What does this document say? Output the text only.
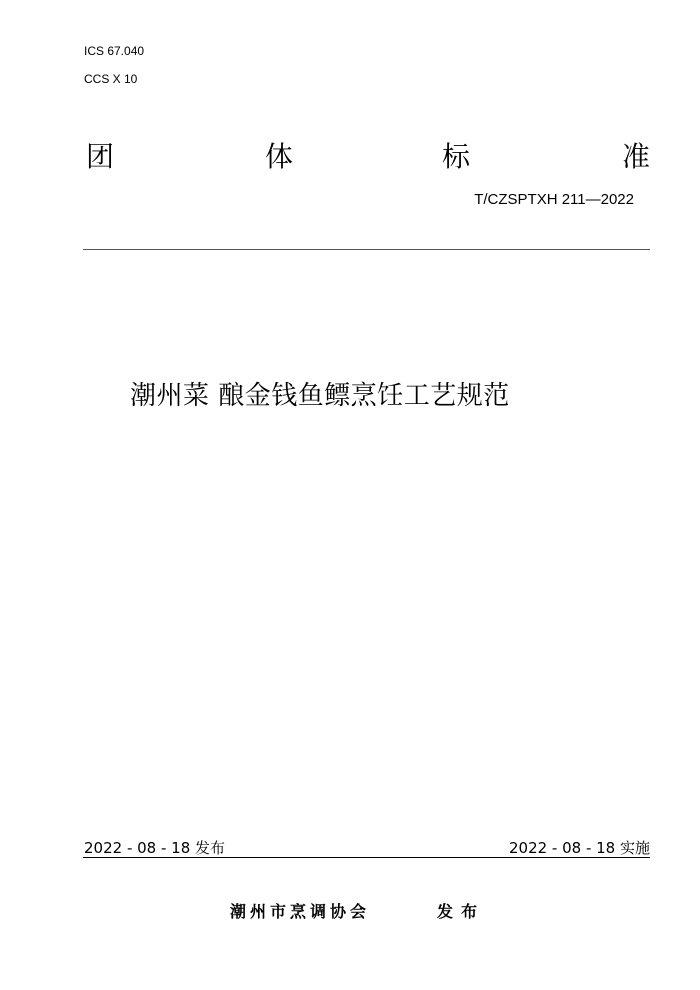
ICS 67.040
CCS X 10
团	体	标	准
T/CZSPTXH 211—2022
潮州菜 酿金钱鱼鳔烹饪工艺规范
2022 - 08 - 18 发布	2022 - 08 - 18 实施
潮州市烹调协会	发布
